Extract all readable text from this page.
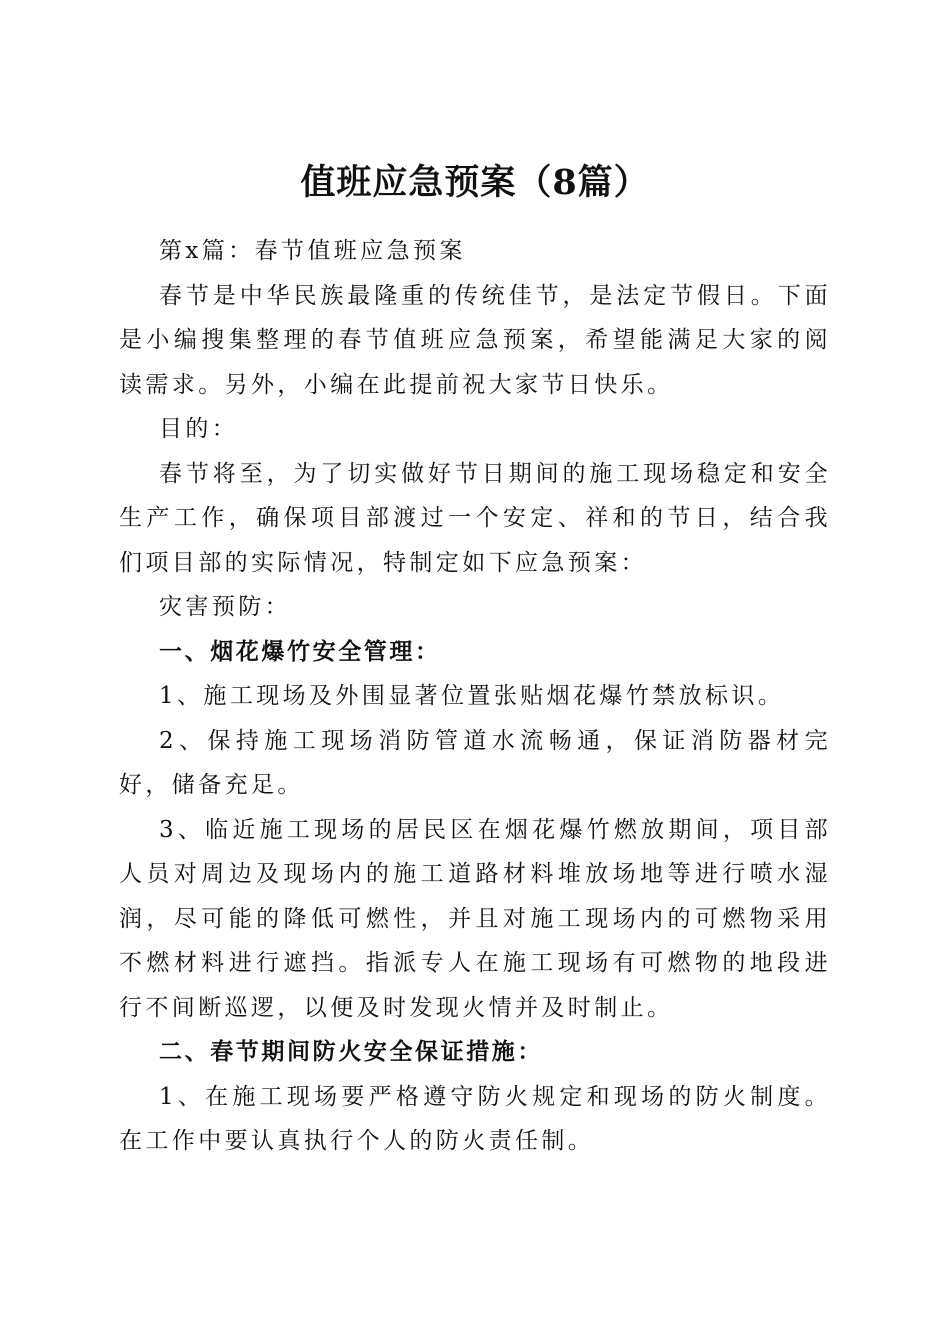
值班应急预案（8篇）

第x篇：春节值班应急预案

春节是中华民族最隆重的传统佳节，是法定节假日。下面是小编搜集整理的春节值班应急预案，希望能满足大家的阅读需求。另外，小编在此提前祝大家节日快乐。

目的：

春节将至，为了切实做好节日期间的施工现场稳定和安全生产工作，确保项目部渡过一个安定、祥和的节日，结合我们项目部的实际情况，特制定如下应急预案：

灾害预防：

一、烟花爆竹安全管理：

1、施工现场及外围显著位置张贴烟花爆竹禁放标识。

2、保持施工现场消防管道水流畅通，保证消防器材完好，储备充足。

3、临近施工现场的居民区在烟花爆竹燃放期间，项目部人员对周边及现场内的施工道路材料堆放场地等进行喷水湿润，尽可能的降低可燃性，并且对施工现场内的可燃物采用不燃材料进行遮挡。指派专人在施工现场有可燃物的地段进行不间断巡逻，以便及时发现火情并及时制止。

二、春节期间防火安全保证措施：

1、在施工现场要严格遵守防火规定和现场的防火制度。在工作中要认真执行个人的防火责任制。
